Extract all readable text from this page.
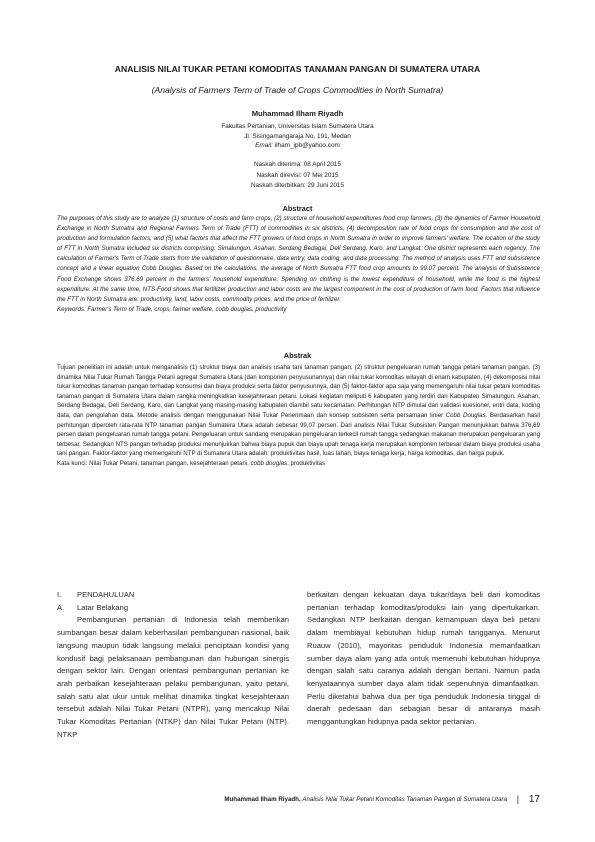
ANALISIS NILAI TUKAR PETANI KOMODITAS TANAMAN PANGAN DI SUMATERA UTARA
(Analysis of Farmers Term of Trade of Crops Commodities in North Sumatra)
Muhammad Ilham Riyadh
Fakultas Pertanian, Universitas Islam Sumatera Utara
Jl. Sisingamangaraja No. 191, Medan
Email: ilham_ipb@yahoo.com
Naskah diterima: 08 April 2015
Naskah direvisi: 07 Mei 2015
Naskah diterbitkan: 29 Juni 2015
Abstract
The purposes of this study are to analyze (1) structure of costs and farm crops, (2) structure of household expenditures food crop farmers, (3) the dynamics of Farmer Household Exchange in North Sumatra and Regional Farmers Term of Trade (FTT) of commodities in six districts, (4) decomposition rate of food crops for consumption and the cost of production and formulation factors, and (5) what factors that affect the FTT growers of food crops in North Sumatra in order to improve farmers' welfare. The location of the study of FTT in North Sumatra included six districts comprising: Simalungun, Asahan, Serdang Bedagai, Deli Serdang, Karo, and Langkat. One district represents each regency. The calculation of Farmer's Term of Trade starts from the validation of questionnaire, data entry, data coding, and data processing. The method of analysis uses FTT and subsistence concept and a linear equation Cobb Douglas. Based on the calculations, the average of North Sumatra FTT food crop amounts to 99.07 percent. The analysis of Subsistence Food Exchange shows 376.69 percent in the farmers' household expenditure. Spending on clothing is the lowest expenditure of household, while the food is the highest expenditure. At the same time, NTS-Food shows that fertilizer production and labor costs are the largest component in the cost of production of farm food. Factors that influence the FTT in North Sumatra are: productivity, land, labor costs, commodity prices, and the price of fertilizer.
Keywords: Farmer's Term of Trade, crops, farmer welfare, cobb douglas, productivity
Abstrak
Tujuan penelitian ini adalah untuk menganalisis (1) struktur biaya dan analisis usaha tani tanaman pangan, (2) struktur pengeluaran rumah tangga petani tanaman pangan, (3) dinamika Nilai Tukar Rumah Tangga Petani agregat Sumatera Utara (dan komponen penyusunannya) dan nilai tukar komoditas wilayah di enam kabupaten, (4) dekomposisi nilai tukar komoditas tanaman pangan terhadap konsumsi dan biaya produksi serta faktor penyusunnya, dan (5) faktor-faktor apa saja yang memengaruhi nilai tukar petani komoditas tanaman pangan di Sumatera Utara dalam rangka meningkatkan kesejahteraan petani. Lokasi kegiatan meliputi 6 kabupaten yang terdiri dari Kabupaten Simalungun, Asahan, Serdang Bedagai, Deli Serdang, Karo, dan Langkat yang masing-masing kabupaten diambil satu kecamatan. Perhitungan NTP dimulai dari validasi kuesioner, entri data, koding data, dan pengolahan data. Metode analisis dengan menggunakan Nilai Tukar Penerimaan dan konsep subsisten serta persamaan linier Cobb Douglas. Berdasarkan hasil perhitungan diperoleh rata-rata NTP tanaman pangan Sumatera Utara adalah sebesar 99,07 persen. Dari analisis Nilai Tukar Subsisten Pangan menunjukkan bahwa 376,69 persen dalam pengeluaran rumah tangga petani. Pengeluaran untuk sandang merupakan pengeluaran terkecil rumah tangga sedangkan makanan merupakan pengeluaran yang terbesar. Sedangkan NTS pangan terhadap produksi menunjukkan bahwa biaya pupuk dan biaya upah tenaga kerja merupakan komponen terbesar dalam biaya produksi usaha tani pangan. Faktor-faktor yang memengaruhi NTP di Sumatera Utara adalah: produktivitas hasil, luas lahan, biaya tenaga kerja, harga komoditas, dan harga pupuk.
Kata kunci: Nilai Tukar Petani, tanaman pangan, kesejahteraan petani, cobb douglas, produktivitas
I.	PENDAHULUAN
A.	Latar Belakang

Pembangunan pertanian di Indonesia telah memberikan sumbangan besar dalam keberhasilan pembangunan nasional, baik langsung maupun tidak langsung melalui penciptaan kondisi yang kondusif bagi pelaksanaan pembangunan dan hubungan sinergis dengan sektor lain. Dengan orientasi pembangunan pertanian ke arah perbaikan kesejahteraan pelaku pembangunan, yaitu petani, salah satu alat ukur untuk melihat dinamika tingkat kesejahteraan tersebut adalah Nilai Tukar Petani (NTPR), yang mencakup Nilai Tukar Komoditas Pertanian (NTKP) dan Nilai Tukar Petani (NTP). NTKP

berkaitan dengan kekuatan daya tukar/daya beli dari komoditas pertanian terhadap komoditas/produksi lain yang dipertukarkan. Sedangkan NTP berkaitan dengan kemampuan daya beli petani dalam membiayai kebutuhan hidup rumah tangganya. Menurut Ruauw (2010), mayoritas penduduk Indonesia memanfaatkan sumber daya alam yang ada untuk memenuhi kebutuhan hidupnya dengan salah satu caranya adalah dengan bertani. Namun pada kenyataannya sumber daya alam tidak sepenuhnya dimanfaatkan. Perlu diketahui bahwa dua per tiga penduduk Indonesia tinggal di daerah pedesaan dan sebagian besar di antaranya masih menggantungkan hidupnya pada sektor pertanian.

Muhammad Ilham Riyadh, Analisis Nilai Tukar Petani Komoditas Tanaman Pangan di Sumatera Utara | 17
